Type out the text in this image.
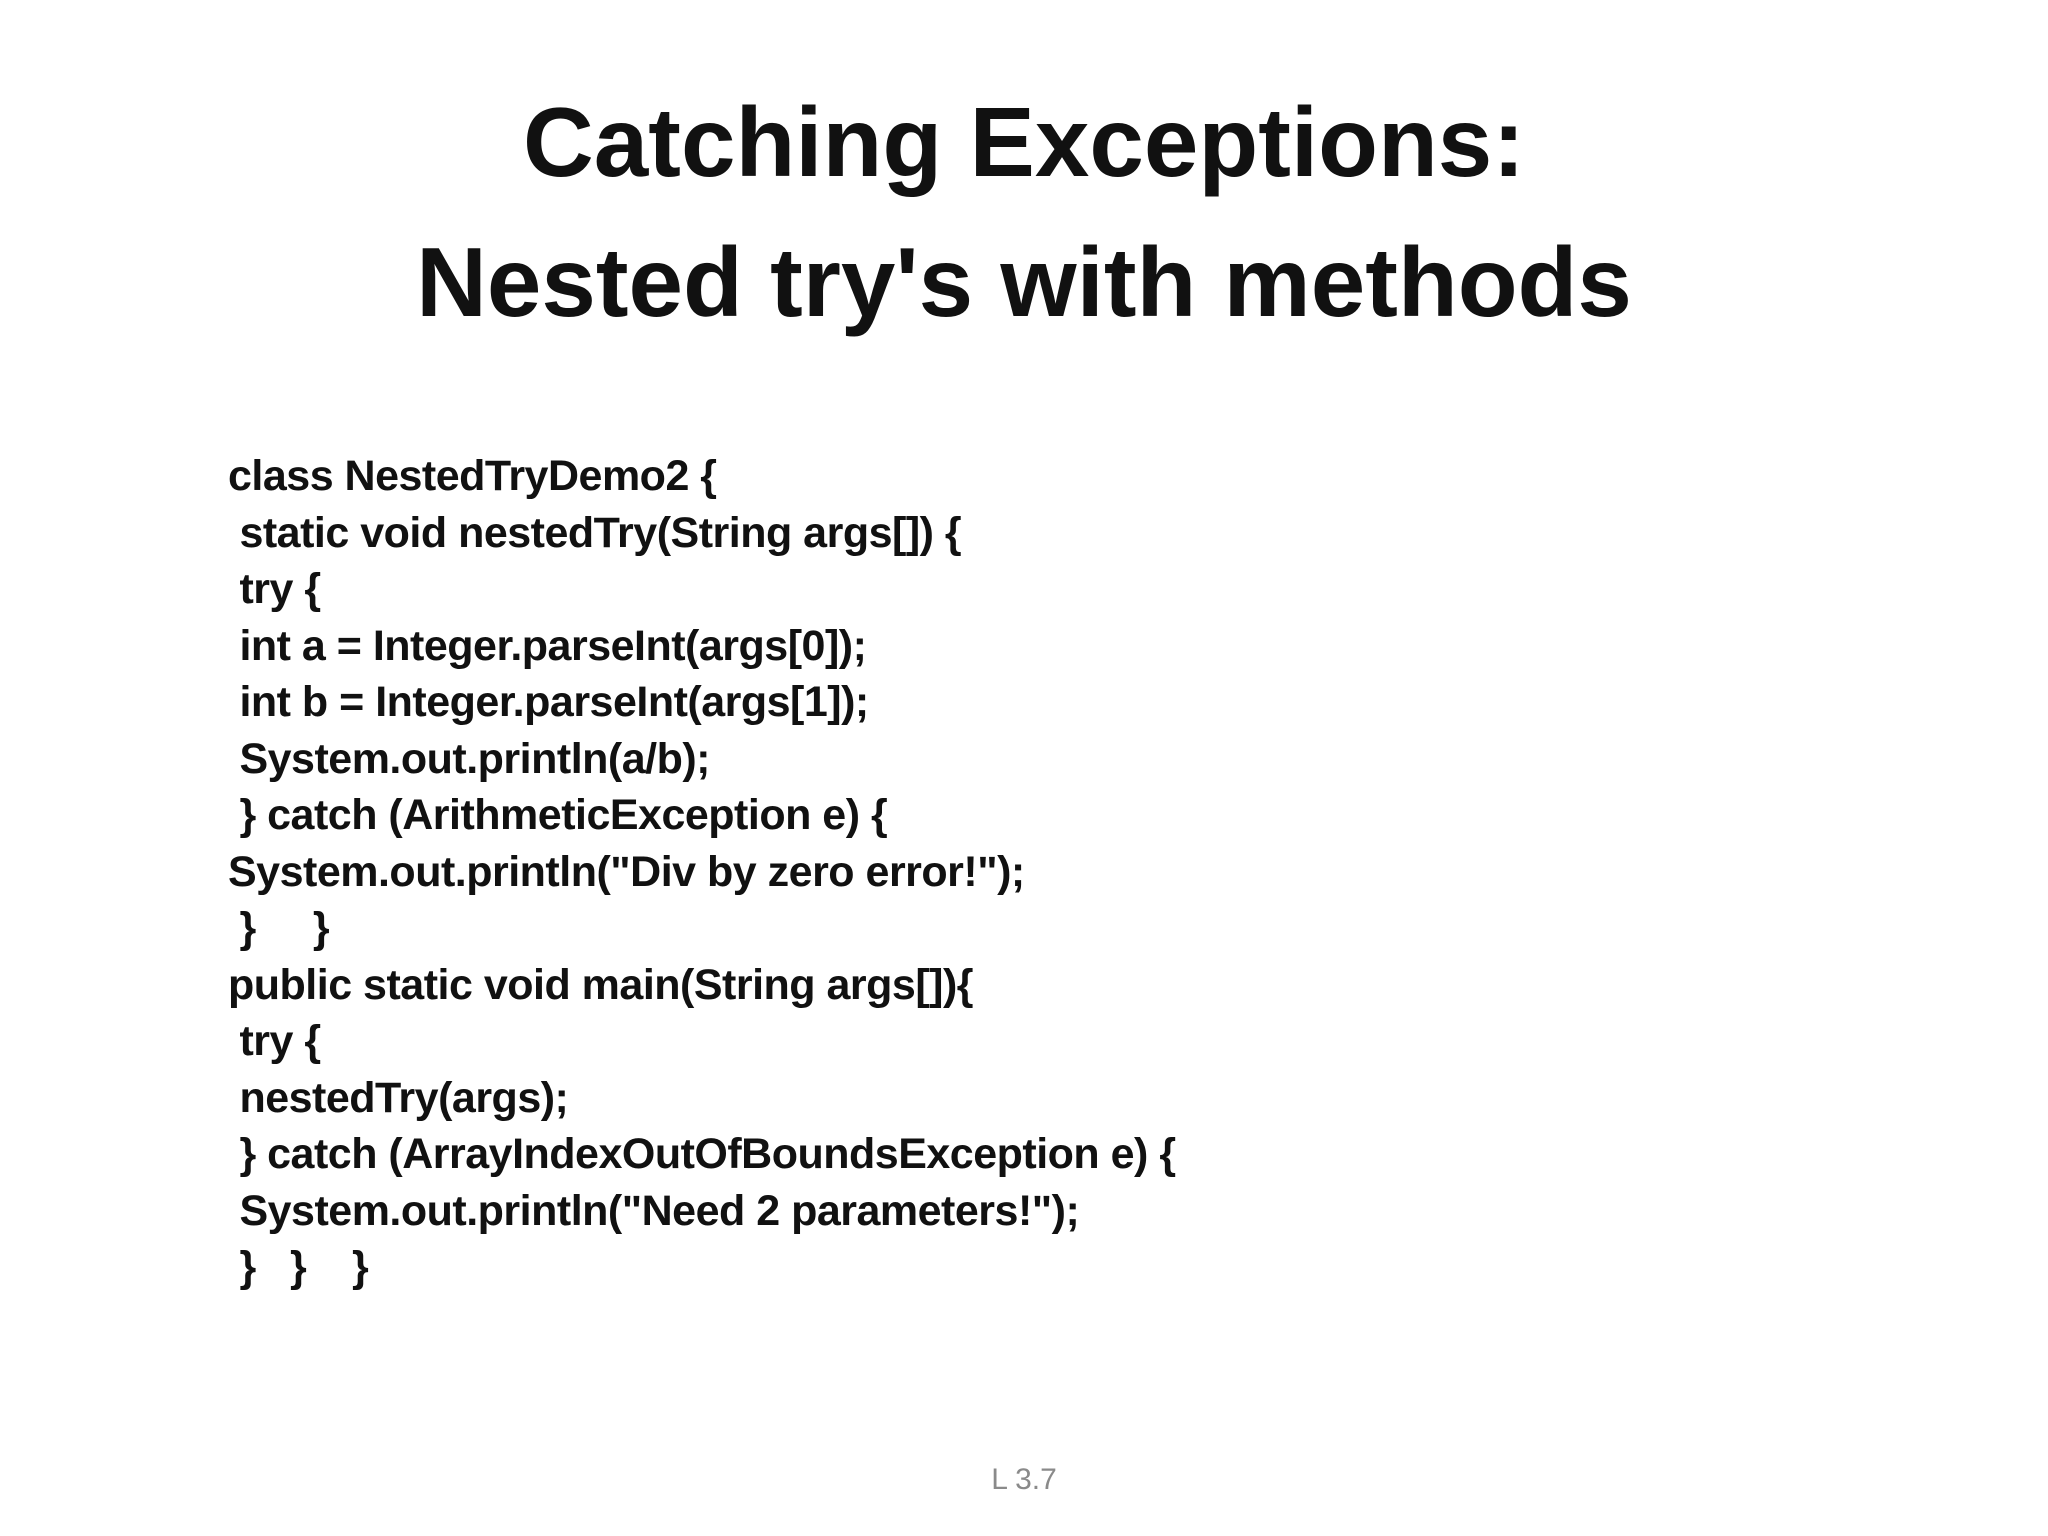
Catching Exceptions:
Nested try's with methods
class NestedTryDemo2 {
static void nestedTry(String args[]) {
try {
int a = Integer.parseInt(args[0]);
int b = Integer.parseInt(args[1]);
System.out.println(a/b);
} catch (ArithmeticException e) {
System.out.println("Div by zero error!");
}     }
public static void main(String args[]){
try {
nestedTry(args);
} catch (ArrayIndexOutOfBoundsException e) {
System.out.println("Need 2 parameters!");
}   }    }
L 3.7
